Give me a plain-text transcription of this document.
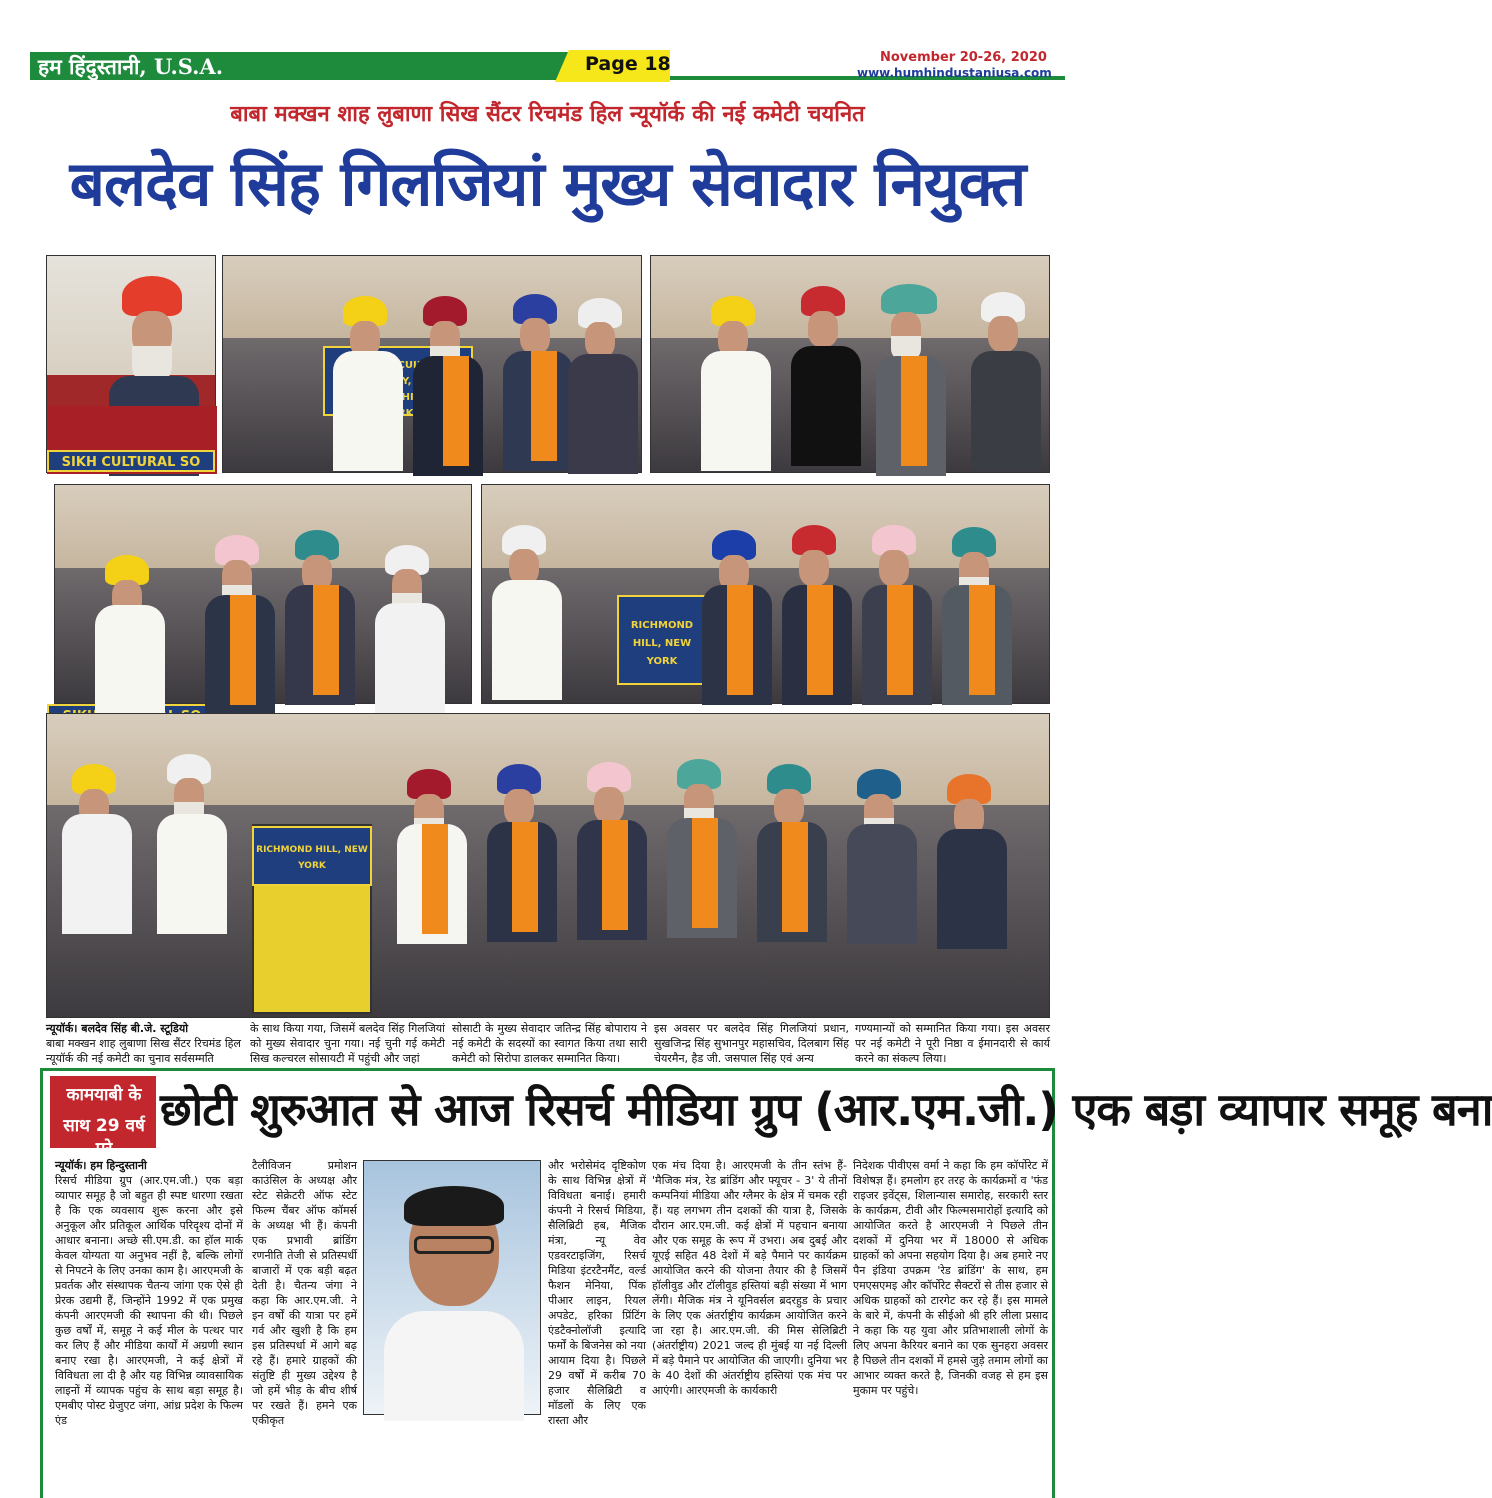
हम हिंदुस्तानी, U.S.A.	Page 18	November 20-26, 2020
www.humhindustaniusa.com
बाबा मक्खन शाह लुबाणा सिख सैंटर रिचमंड हिल न्यूयॉर्क की नई कमेटी चयनित
बलदेव सिंह गिलजियां मुख्य सेवादार नियुक्त
SIKH CULTURAL SO

RICHMOND HILL, NEW YORK
RICHMOND HILL, NEW YORK
न्यूयॉर्क। बलदेव सिंह बी.जे. स्टूडियो
बाबा मक्खन शाह लुबाणा सिख सैंटर रिचमंड हिल न्यूयॉर्क की नई कमेटी का चुनाव सर्वसम्मति
के साथ किया गया, जिसमें बलदेव सिंह गिलजियां को मुख्य सेवादार चुना गया। नई चुनी गई कमेटी सिख कल्चरल सोसायटी में पहुंची और जहां
सोसाटी के मुख्य सेवादार जतिन्द्र सिंह बोपाराय ने नई कमेटी के सदस्यों का स्वागत किया तथा सारी कमेटी को सिरोपा डालकर सम्मानित किया।
इस अवसर पर बलदेव सिंह गिलजियां प्रधान, सुखजिन्द्र सिंह सुभानपुर महासचिव, दिलबाग सिंह चेयरमैन, हैड जी. जसपाल सिंह एवं अन्य
गण्यमान्यों को सम्मानित किया गया। इस अवसर पर नई कमेटी ने पूरी निष्ठा व ईमानदारी से कार्य करने का संकल्प लिया।
कामयाबी के
साथ 29 वर्ष पूरे
छोटी शुरुआत से आज रिसर्च मीडिया ग्रुप (आर.एम.जी.) एक बड़ा व्यापार समूह बना
न्यूयॉर्क। हम हिन्दुस्तानी
रिसर्च मीडिया ग्रुप (आर.एम.जी.) एक बड़ा व्यापार समूह है जो बहुत ही स्पष्ट धारणा रखता है कि एक व्यवसाय शुरू करना और इसे अनुकूल और प्रतिकूल आर्थिक परिदृश्य दोनों में आधार बनाना। अच्छे सी.एम.डी. का हॉल मार्क केवल योग्यता या अनुभव नहीं है, बल्कि लोगों से निपटने के लिए उनका काम है। आरएमजी के प्रवर्तक और संस्थापक चैतन्य जांगा एक ऐसे ही प्रेरक उद्यमी हैं, जिन्होंने 1992 में एक प्रमुख कंपनी आरएमजी की स्थापना की थी। पिछले कुछ वर्षों में, समूह ने कई मील के पत्थर पार कर लिए हैं और मीडिया कार्यों में अग्रणी स्थान बनाए रखा है। आरएमजी, ने कई क्षेत्रों में विविधता ला दी है और यह विभिन्न व्यावसायिक लाइनों में व्यापक पहुंच के साथ बड़ा समूह है। एमबीए पोस्ट ग्रेजुएट जंगा, आंध्र प्रदेश के फिल्म एंड
टैलीविजन प्रमोशन काउंसिल के अध्यक्ष और स्टेट सेक्रेटरी ऑफ स्टेट फिल्म चैंबर ऑफ कॉमर्स के अध्यक्ष भी हैं। कंपनी एक प्रभावी ब्रांडिंग रणनीति तेजी से प्रतिस्पर्धी बाजारों में एक बड़ी बढ़त देती है। चैतन्य जंगा ने कहा कि आर.एम.जी. ने इन वर्षों की यात्रा पर हमें गर्व और खुशी है कि हम इस प्रतिस्पर्धा में आगे बढ़ रहे हैं। हमारे ग्राहकों की संतुष्टि ही मुख्य उद्देश्य है जो हमें भीड़ के बीच शीर्ष पर रखते हैं। हमने एक एकीकृत
और भरोसेमंद दृष्टिकोण के साथ विभिन्न क्षेत्रों में विविधता बनाई। हमारी कंपनी ने रिसर्च मिडिया, सैलिब्रिटी हब, मैजिक मंत्रा, न्यू वेव एडवरटाइजिंग, रिसर्च मिडिया इंटरटैनमैंट, वर्ल्ड फैशन मेनिया, पिंक पीआर लाइन, रियल अपडेट, हरिका प्रिंटिंग एंडटैक्नोलॉजी इत्यादि फर्मों के बिजनेस को नया आयाम दिया है। पिछले 29 वर्षों में करीब 70 हजार सैलिब्रिटी व मॉडलों के लिए एक रास्ता और
एक मंच दिया है। आरएमजी के तीन स्तंभ हैं-'मैजिक मंत्र, रेड ब्रांडिंग और फ्यूचर - 3' ये तीनों कम्पनियां मीडिया और ग्लैमर के क्षेत्र में चमक रही हैं। यह लगभग तीन दशकों की यात्रा है, जिसके दौरान आर.एम.जी. कई क्षेत्रों में पहचान बनाया और एक समूह के रूप में उभरा। अब दुबई और यूएई सहित 48 देशों में बड़े पैमाने पर कार्यक्रम आयोजित करने की योजना तैयार की है जिसमें हॉलीवुड और टॉलीवुड हस्तियां बड़ी संख्या में भाग लेंगी। मैजिक मंत्र ने यूनिवर्सल ब्रदरहुड के प्रचार के लिए एक अंतर्राष्ट्रीय कार्यक्रम आयोजित करने जा रहा है। आर.एम.जी. की मिस सेलिब्रिटी (अंतर्राष्ट्रीय) 2021 जल्द ही मुंबई या नई दिल्ली में बड़े पैमाने पर आयोजित की जाएगी। दुनिया भर के 40 देशों की अंतर्राष्ट्रीय हस्तियां एक मंच पर आएंगी। आरएमजी के कार्यकारी
निदेशक पीवीएस वर्मा ने कहा कि हम कॉर्पोरेट में विशेषज्ञ हैं। हमलोग हर तरह के कार्यक्रमों व 'फंड राइजर इवेंट्स, शिलान्यास समारोह, सरकारी स्तर के कार्यक्रम, टीवी और फिल्मसमारोहों इत्यादि को आयोजित करते है आरएमजी ने पिछले तीन दशकों में दुनिया भर में 18000 से अधिक ग्राहकों को अपना सहयोग दिया है। अब हमारे नए पैन इंडिया उपक्रम 'रेड ब्रांडिंग' के साथ, हम एमएसएमइ और कॉर्पोरेट सैक्टरों से तीस हजार से अधिक ग्राहकों को टारगेट कर रहे हैं। इस मामले के बारे में, कंपनी के सीईओ श्री हरि लीला प्रसाद ने कहा कि यह युवा और प्रतिभाशाली लोगों के लिए अपना कैरियर बनाने का एक सुनहरा अवसर है पिछले तीन दशकों में हमसे जुड़े तमाम लोगों का आभार व्यक्त करते है, जिनकी वजह से हम इस मुकाम पर पहुंचे।
